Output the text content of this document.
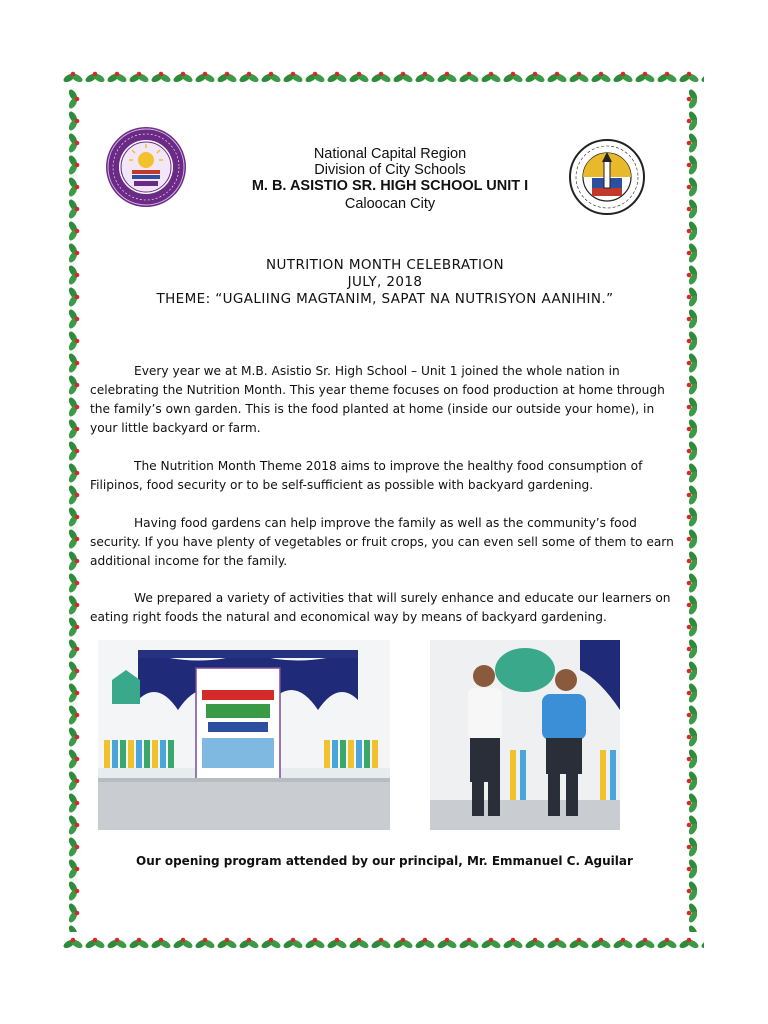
National Capital Region
Division of City Schools
M. B. ASISTIO SR. HIGH SCHOOL UNIT I
Caloocan City
NUTRITION MONTH CELEBRATION
JULY, 2018
THEME: “UGALIING MAGTANIM, SAPAT NA NUTRISYON AANIHIN.”
Every year we at M.B. Asistio Sr. High School – Unit 1 joined the whole nation in celebrating the Nutrition Month. This year theme focuses on food production at home through the family’s own garden. This is the food planted at home (inside our outside your home), in your little backyard or farm.
The Nutrition Month Theme 2018 aims to improve the healthy food consumption of Filipinos, food security or to be self-sufficient as possible with backyard gardening.
Having food gardens can help improve the family as well as the community’s food security. If you have plenty of vegetables or fruit crops, you can even sell some of them to earn additional income for the family.
We prepared a variety of activities that will surely enhance and educate our learners on eating right foods the natural and economical way by means of backyard gardening.
Our opening program attended by our principal, Mr. Emmanuel C. Aguilar
